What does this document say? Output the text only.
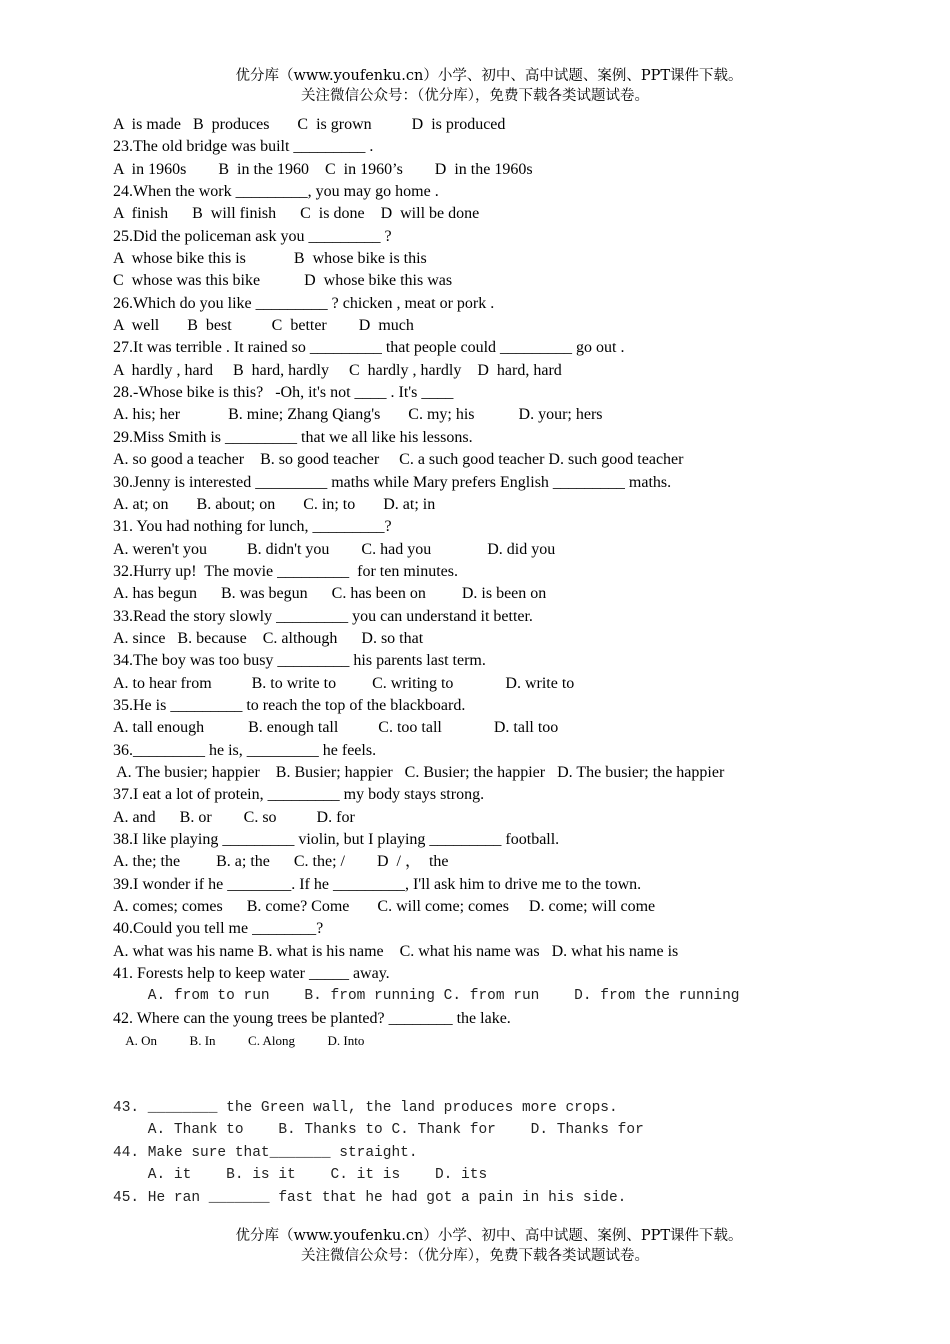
优分库（www.youfenku.cn）小学、初中、高中试题、案例、PPT课件下载。
关注微信公众号：（优分库），免费下载各类试题试卷。
A  is made   B  produces       C  is grown          D  is produced
23.The old bridge was built _________ .
A  in 1960s        B  in the 1960    C  in 1960’s        D  in the 1960s
24.When the work _________, you may go home .
A  finish      B  will finish      C  is done    D  will be done
25.Did the policeman ask you _________ ?
A  whose bike this is            B  whose bike is this
C  whose was this bike           D  whose bike this was
26.Which do you like _________ ? chicken , meat or pork .
A  well       B  best          C  better        D  much
27.It was terrible . It rained so _________ that people could _________ go out .
A  hardly , hard     B  hard, hardly     C  hardly , hardly    D  hard, hard
28.-Whose bike is this?   -Oh, it's not ____ . It's ____
A. his; her            B. mine; Zhang Qiang's       C. my; his           D. your; hers
29.Miss Smith is _________ that we all like his lessons.
A. so good a teacher    B. so good teacher     C. a such good teacher D. such good teacher
30.Jenny is interested _________ maths while Mary prefers English _________ maths.
A. at; on       B. about; on       C. in; to       D. at; in
31. You had nothing for lunch, _________?
A. weren't you          B. didn't you        C. had you              D. did you
32.Hurry up!  The movie _________  for ten minutes.
A. has begun      B. was begun      C. has been on         D. is been on
33.Read the story slowly _________ you can understand it better.
A. since   B. because    C. although      D. so that
34.The boy was too busy _________ his parents last term.
A. to hear from          B. to write to         C. writing to             D. write to
35.He is _________ to reach the top of the blackboard.
A. tall enough           B. enough tall          C. too tall             D. tall too
36._________ he is, _________ he feels.
A. The busier; happier    B. Busier; happier   C. Busier; the happier   D. The busier; the happier
37.I eat a lot of protein, _________ my body stays strong.
A. and      B. or        C. so          D. for
38.I like playing _________ violin, but I playing _________ football.
A. the; the         B. a; the      C. the; /        D  / ，  the
39.I wonder if he ________. If he _________, I'll ask him to drive me to the town.
A. comes; comes      B. come? Come       C. will come; comes     D. come; will come
40.Could you tell me ________?
A. what was his name B. what is his name    C. what his name was   D. what his name is
41. Forests help to keep water _____ away.
A. from to run    B. from running C. from run    D. from the running
42. Where can the young trees be planted? ________ the lake.
A. On          B. In          C. Along          D. Into
43. ________ the Green wall, the land produces more crops.
A. Thank to    B. Thanks to C. Thank for    D. Thanks for
44. Make sure that_______ straight.
A. it    B. is it    C. it is    D. its
45. He ran _______ fast that he had got a pain in his side.
优分库（www.youfenku.cn）小学、初中、高中试题、案例、PPT课件下载。
关注微信公众号：（优分库），免费下载各类试题试卷。
